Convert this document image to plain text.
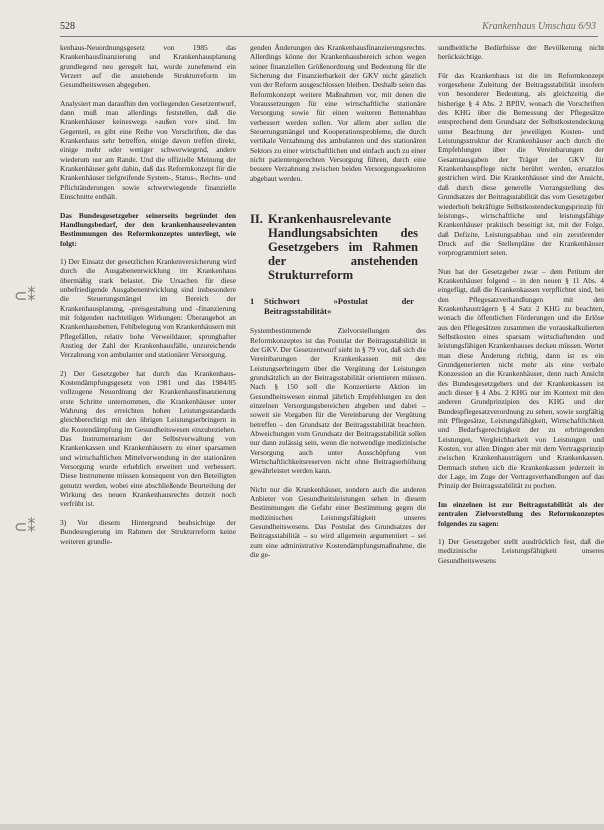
528	Krankenhaus Umschau 6/93

kenhaus-Neuordnungsgesetz von 1985 das Krankenhausfinanzierung und Krankenhausplanung grundlegend neu geregelt hat, wurde zunehmend ein Verzerr auf die anstehende Strukturreform im Gesundheitswesen abgegeben.

Analysiert man daraufhin den vorliegenden Gesetzentwurf, dann muß man allerdings feststellen, daß die Krankenhäuser keineswegs »außen vor« sind. Im Gegenteil, es gibt eine Reihe von Vorschriften, die das Krankenhaus sehr betreffen, einige davon treffen direkt, einige mehr oder weniger schwerwiegend, andere wiederum nur am Rande. Und die offizielle Meinung der Krankenhäuser geht dahin, daß das Reformkonzept für die Krankenhäuser tiefgreifende System-, Status-, Rechts- und Pflichtänderungen sowie schwerwiegende finanzielle Einschnitte enthält.

Das Bundesgesetzgeber seinerseits begründet den Handlungsbedarf, der den krankenhausrelevanten Bestimmungen des Reformkonzeptes unterliegt, wie folgt:

1) Der Einsatz der gesetzlichen Krankenversicherung wird durch die Ausgabenentwicklung im Krankenhaus übermäßig stark belastet. Die Ursachen für diese unbefriedigende Ausgabenentwicklung sind insbesondere die Steuerungsmängel im Bereich der Krankenhausplanung, -preisgestaltung und -finanzierung mit folgenden nachteiligen Wirkungen: Überangebot an Krankenhausbetten, Fehlbelegung von Krankenhäusern mit Pflegefällen, relativ hohe Verweildauer, sprunghafter Anstieg der Zahl der Krankenhausfälle, unzureichende Verzahnung von ambulanter und stationärer Versorgung.

2) Der Gesetzgeber hat durch das Krankenhaus-Kostendämpfungsgesetz von 1981 und das 1984/85 vollzogene Neuordnung der Krankenhausfinanzierung erste Schritte unternommen, die Krankenhäuser unter Wahrung des erreichten hohen Leistungsstandards gleichberechtigt mit den übrigen Leistungserbringern in die Kostendämpfung im Gesundheitswesen einzubeziehen. Das Instrumentarium der Selbstverwaltung von Krankenkassen und Krankenhäusern zu einer sparsamen und wirtschaftlichen Mittelverwendung in der stationären Versorgung wurde erheblich erweitert und verbessert. Diese Instrumente müssen konsequent von den Beteiligten genutzt werden, wobei eine abschließende Beurteilung der Wirkung des neuen Krankenhausrechts derzeit noch verfrüht ist.

3) Vor diesem Hintergrund beabsichtige der Bundesregierung im Rahmen der Strukturreform keine weiteren grundle-

genden Änderungen des Krankenhausfinanzierungsrechts. Allerdings könne der Krankenhausbereich schon wegen seiner finanziellen Größenordnung und Bedeutung für die Sicherung der Finanzierbarkeit der GKV nicht gänzlich von der Reform ausgeschlossen bleiben. Deshalb seien das Reformkonzept weitere Maßnahmen vor, mit denen die Voraussetzungen für eine wirtschaftliche stationäre Versorgung sowie für einen weiteren Bettenabbau verbessert werden sollen. Vor allem aber sollen die Steuerungsmängel und Kooperationsprobleme, die durch vertikale Verzahnung des ambulanten und des stationären Sektors zu einer wirtschaftlichen und einfach auch zu einer nicht patientengerechten Versorgung führen, durch eine bessere Verzahnung zwischen beiden Versorgungssektoren abgebaut werden.

II. Krankenhausrelevante Handlungsabsichten des Gesetzgebers im Rahmen der anstehenden Strukturreform
1 Stichwort »Postulat der Beitragsstabilität«

Systembestimmende Zielvorstellungen des Reformkonzeptes ist das Postulat der Beitragsstabilität in der GKV. Der Gesetzentwurf sieht in § 79 vor, daß sich die Vereinbarungen der Krankenkassen mit den Leistungserbringern über die Vergütung der Leistungen grundsätzlich an der Beitragsstabilität orientieren müssen. Nach § 150 soll die Konzertierte Aktion im Gesundheitswesen einmal jährlich Empfehlungen zu den einzelnen Versorgungsbereichen abgeben und dabei – soweit sie Vorgaben für die Vereinbarung der Vergütung betreffen – den Grundsatz der Beitragsstabilität beachten. Abweichungen vom Grundsatz der Beitragsstabilität sollen nur dann zulässig sein, wenn die notwendige medizinische Versorgung auch unter Ausschöpfung von Wirtschaftlichkeitsreserven nicht ohne Beitragserhöhung gewährleistet werden kann.

Nicht nur die Krankenhäuser, sondern auch die anderen Anbieter von Gesundheitsleistungen sehen in diesem Bestimmungen die Gefahr einer Bestimmung gegen die medizinischen Leistungsfähigkeit unseres Gesundheitswesens. Das Postulat des Grundsatzes der Beitragsstabilität – so wird allgemein argumentiert – sei zum eine administrative Kostendämpfungsmaßnahme, die die ge-

sundheitliche Bedürfnisse der Bevölkerung nicht berücksichtige.

Für das Krankenhaus ist die im Reformkonzept vorgesehene Zuleitung der Beitragsstabilität insofern von besonderer Bedeutung, als gleichzeitig die bisherige § 4 Abs. 2 BPflV, wonach die Vorschriften des KHG über die Bemessung der Pflegesätze entsprechend dem Grundsatz der Selbstkostendeckung unter Beachtung der jeweiligen Kosten- und Leistungsstruktur der Krankenhäuser auch durch die Empfehlungen über die Vereinbarungen der Gesamtausgaben der Träger der GKV für Krankenhauspflege nicht berührt werden, ersatzlos gestrichen wird. Die Krankenhäuser sind der Ansicht, daß durch diese generelle Vorrangstellung des Grundsatzes der Beitragsstabilität das vom Gesetzgeber wiederholt bekräftigte Selbstkostendeckungsprinzip für leistungs-, wirtschaftliche und leistungsfähige Krankenhäuser praktisch beseitigt ist, mit der Folge, daß Defizite, Leistungsabbau und ein zerstörender Druck auf die Stellenpläne der Krankenhäuser vorprogrammiert seien.

Nun hat der Gesetzgeber zwar – dem Petitum der Krankenhäuser folgend – in den neuen § 11 Abs. 4 eingefügt, daß die Krankenkassen verpflichtet sind, bei den Pflegesatzverhandlungen mit den Krankenhausträgern § 4 Satz 2 KHG zu beachten, wonach die öffentlichen Förderungen und die Erlöse aus den Pflegesätzen zusammen die vorauskalkulierten Selbstkosten eines sparsam wirtschaftenden und leistungsfähigen Krankenhauses decken müssen. Wertet man diese Änderung richtig, dann ist es ein Grundgenerierten nicht mehr als eine verbale Konzession an die Krankenhäuser, denn nach Ansicht des Bundesgesetzgebers und der Krankenkassen ist auch dieser § 4 Abs. 2 KHG nur im Kontext mit den anderen Grundprinzipien des KHG und der Bundespflegesatzverordnung zu sehen, sowie sorgfältig mit Pflegesätze, Leistungsfähigkeit, Wirtschaftlichkeit und Bedarfsgerechtigkeit der zu erbringenden Leistungen, Vergleichbarkeit von Leistungen und Kosten, vor allen Dingen aber mit dem Vertragsprinzip zwischen Krankenhausträgern und Krankenkassen. Demnach stehen sich die Krankenkassen jederzeit in der Lage, im Zuge der Vertragsverhandlungen auf das Prinzip der Beitragsstabilität zu pochen.

Im einzelnen ist zur Beitragsstabilität als der zentralen Zielvorstellung des Reformkonzeptes folgendes zu sagen:

1) Der Gesetzgeber stellt ausdrücklich fest, daß die medizinische Leistungsfähigkeit unseres Gesundheitswesens

⊂⁑
⊂⁑
